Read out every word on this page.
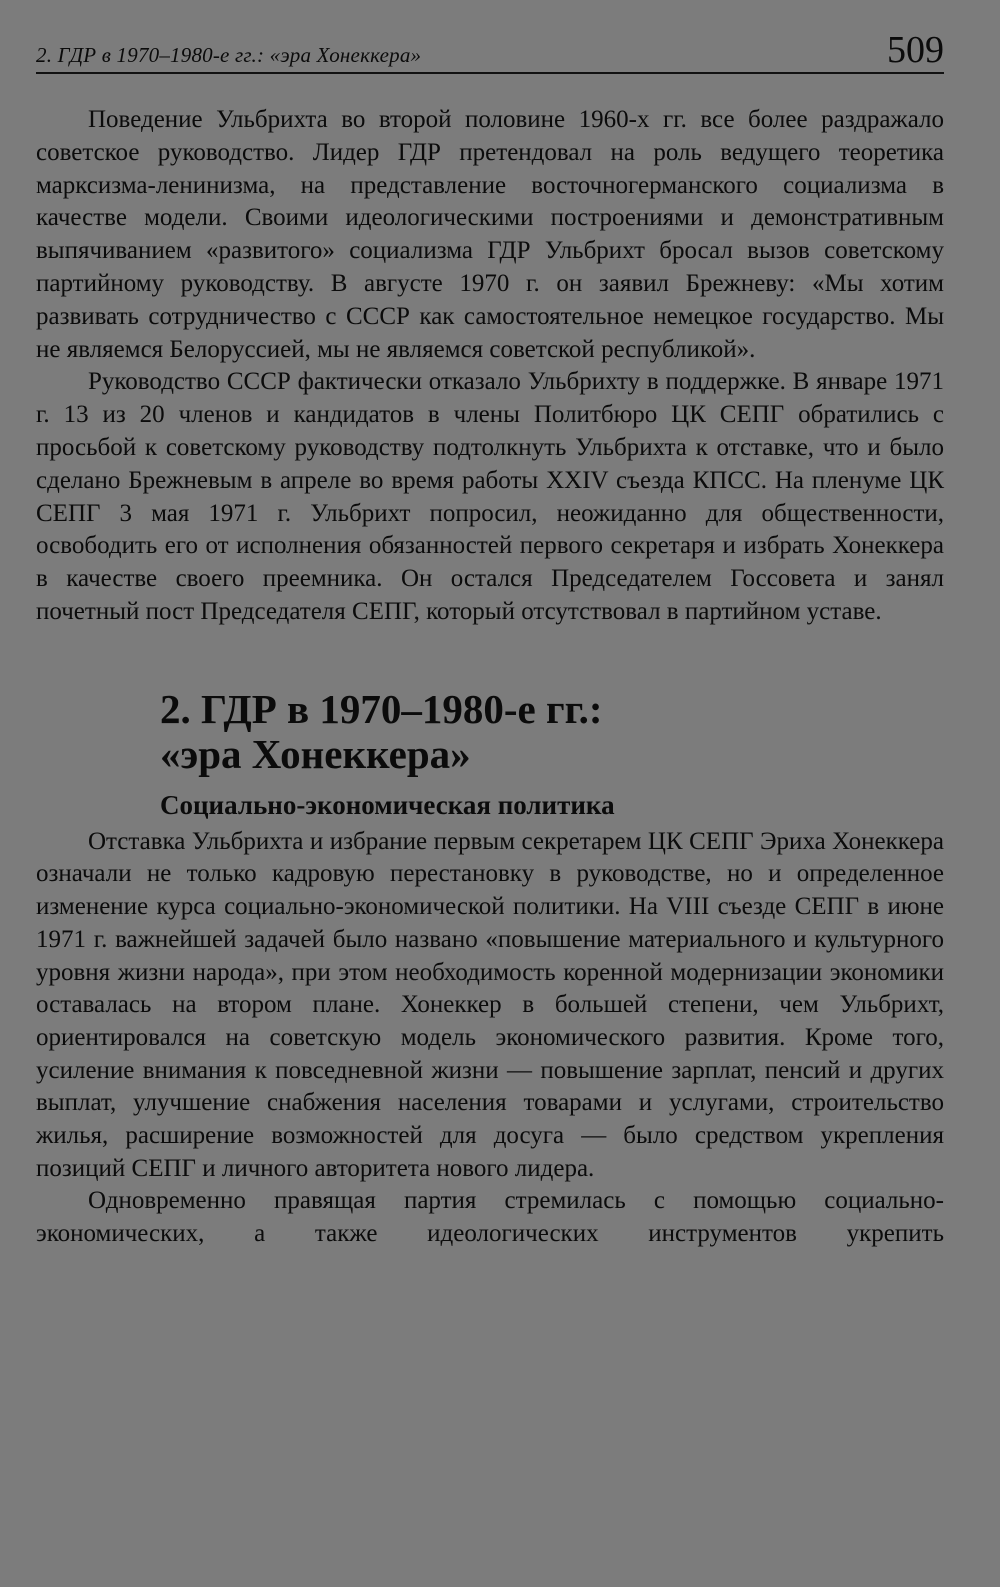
2. ГДР в 1970–1980-е гг.: «эра Хонеккера»	509

Поведение Ульбрихта во второй половине 1960-х гг. все более раздражало советское руководство. Лидер ГДР претендовал на роль ведущего теоретика марксизма-ленинизма, на представление восточногерманского социализма в качестве модели. Своими идеологическими построениями и демонстративным выпячиванием «развитого» социализма ГДР Ульбрихт бросал вызов советскому партийному руководству. В августе 1970 г. он заявил Брежневу: «Мы хотим развивать сотрудничество с СССР как самостоятельное немецкое государство. Мы не являемся Белоруссией, мы не являемся советской республикой».

Руководство СССР фактически отказало Ульбрихту в поддержке. В январе 1971 г. 13 из 20 членов и кандидатов в члены Политбюро ЦК СЕПГ обратились с просьбой к советскому руководству подтолкнуть Ульбрихта к отставке, что и было сделано Брежневым в апреле во время работы XXIV съезда КПСС. На пленуме ЦК СЕПГ 3 мая 1971 г. Ульбрихт попросил, неожиданно для общественности, освободить его от исполнения обязанностей первого секретаря и избрать Хонеккера в качестве своего преемника. Он остался Председателем Госсовета и занял почетный пост Председателя СЕПГ, который отсутствовал в партийном уставе.

2. ГДР в 1970–1980-е гг.:
«эра Хонеккера»
Социально-экономическая политика

Отставка Ульбрихта и избрание первым секретарем ЦК СЕПГ Эриха Хонеккера означали не только кадровую перестановку в руководстве, но и определенное изменение курса социально-экономической политики. На VIII съезде СЕПГ в июне 1971 г. важнейшей задачей было названо «повышение материального и культурного уровня жизни народа», при этом необходимость коренной модернизации экономики оставалась на втором плане. Хонеккер в большей степени, чем Ульбрихт, ориентировался на советскую модель экономического развития. Кроме того, усиление внимания к повседневной жизни — повышение зарплат, пенсий и других выплат, улучшение снабжения населения товарами и услугами, строительство жилья, расширение возможностей для досуга — было средством укрепления позиций СЕПГ и личного авторитета нового лидера.

Одновременно правящая партия стремилась с помощью социально-экономических, а также идеологических инструментов укрепить
